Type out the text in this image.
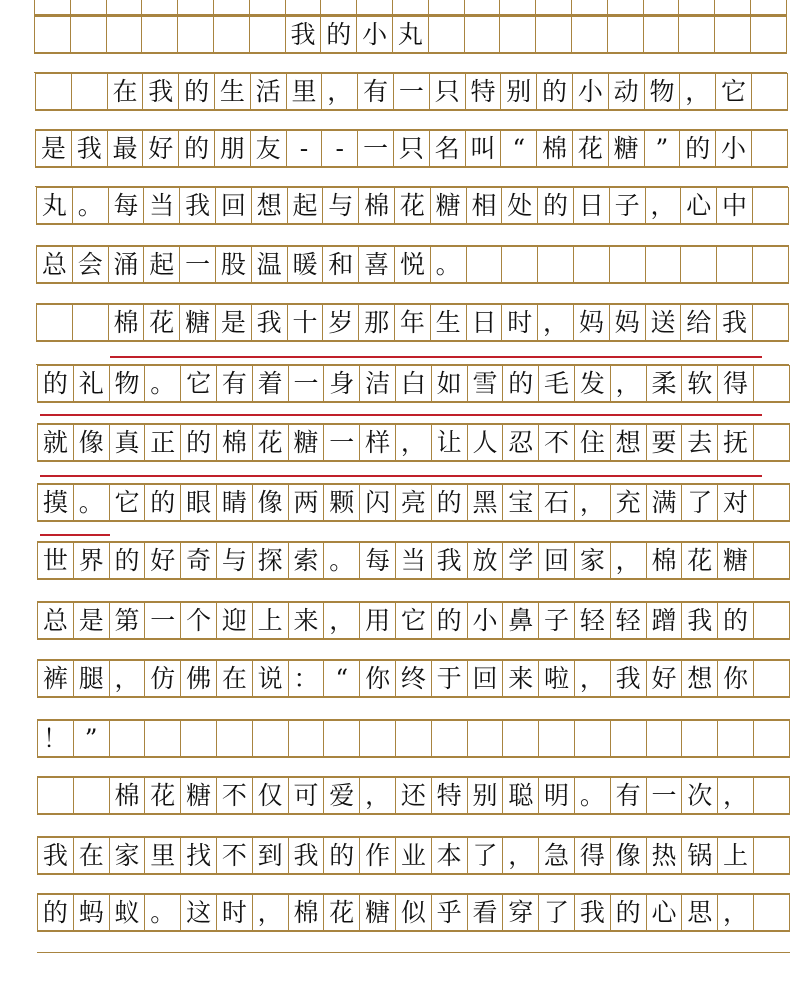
我 的 小 丸
在 我 的 生 活 里 ， 有 一 只 特 别 的 小 动 物 ， 它
是 我 最 好 的 朋 友 -	- 一 只 名 叫 “ 棉 花 糖 ” 的 小
丸 。 每 当 我 回 想 起 与 棉 花 糖 相 处 的 日 子 ， 心 中
总 会 涌 起 一 股 温 暖 和 喜 悦 。
棉 花 糖 是 我 十 岁 那 年 生 日 时 ， 妈 妈 送 给 我
的 礼 物 。 它 有 着 一 身 洁 白 如 雪 的 毛 发 ， 柔 软 得
就 像 真 正 的 棉 花 糖 一 样 ， 让 人 忍 不 住 想 要 去 抚
摸 。 它 的 眼 睛 像 两 颗 闪 亮 的 黑 宝 石 ， 充 满 了 对
世 界 的 好 奇 与 探 索 。 每 当 我 放 学 回 家 ， 棉 花 糖
总 是 第 一 个 迎 上 来 ， 用 它 的 小 鼻 子 轻 轻 蹭 我 的
裤 腿 ， 仿 佛 在 说 ： “ 你 终 于 回 来 啦 ， 我 好 想 你
！ ”
棉 花 糖 不 仅 可 爱 ， 还 特 别 聪 明 。 有 一 次 ，
我 在 家 里 找 不 到 我 的 作 业 本 了 ， 急 得 像 热 锅 上
的 蚂 蚁 。 这 时 ， 棉 花 糖 似 乎 看 穿 了 我 的 心 思 ，
